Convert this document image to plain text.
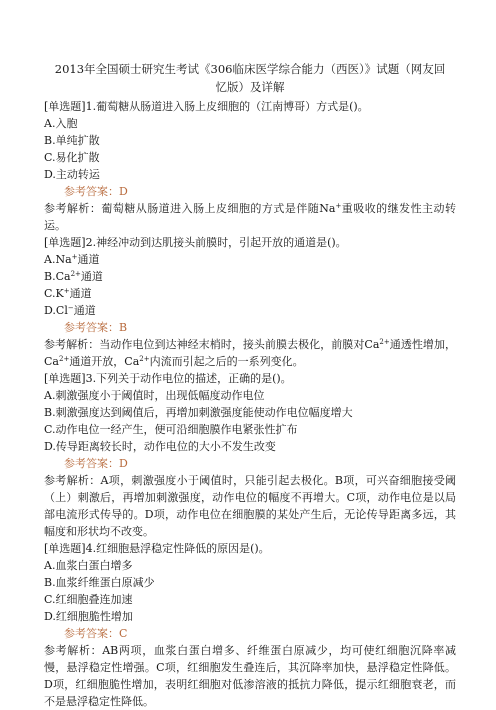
2013年全国硕士研究生考试《306临床医学综合能力（西医）》试题（网友回忆版）及详解

[单选题]1.葡萄糖从肠道进入肠上皮细胞的（江南博哥）方式是()。

A.入胞

B.单纯扩散

C.易化扩散

D.主动转运

参考答案：D

参考解析：葡萄糖从肠道进入肠上皮细胞的方式是伴随Na+重吸收的继发性主动转运。

[单选题]2.神经冲动到达肌接头前膜时，引起开放的通道是()。

A.Na+通道

$B.Ca^{2+}$通道

C.K+通道

D.Cl−通道

参考答案：B

参考解析：当动作电位到达神经末梢时，接头前膜去极化，前膜对$Ca^{2+}$通透性增加，$Ca^{2+}$通道开放，$Ca^{2+}$内流而引起之后的一系列变化。

[单选题]3.下列关于动作电位的描述，正确的是()。

A.刺激强度小于阈值时，出现低幅度动作电位

B.刺激强度达到阈值后，再增加刺激强度能使动作电位幅度增大

C.动作电位一经产生，便可沿细胞膜作电紧张性扩布

D.传导距离较长时，动作电位的大小不发生改变

参考答案：D

参考解析：A项，刺激强度小于阈值时，只能引起去极化。B项，可兴奋细胞接受阈（上）刺激后，再增加刺激强度，动作电位的幅度不再增大。C项，动作电位是以局部电流形式传导的。D项，动作电位在细胞膜的某处产生后，无论传导距离多远，其幅度和形状均不改变。

[单选题]4.红细胞悬浮稳定性降低的原因是()。

A.血浆白蛋白增多

B.血浆纤维蛋白原减少

C.红细胞叠连加速

D.红细胞脆性增加

参考答案：C

参考解析：AB两项，血浆白蛋白增多、纤维蛋白原减少，均可使红细胞沉降率减慢，悬浮稳定性增强。C项，红细胞发生叠连后，其沉降率加快，悬浮稳定性降低。D项，红细胞脆性增加，表明红细胞对低渗溶液的抵抗力降低，提示红细胞衰老，而不是悬浮稳定性降低。
